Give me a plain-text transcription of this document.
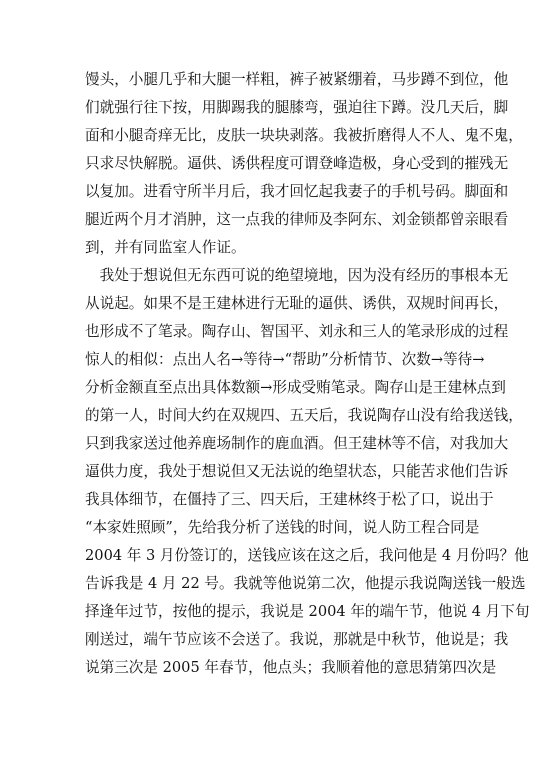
馒头，小腿几乎和大腿一样粗，裤子被紧绷着，马步蹲不到位，他
们就强行往下按，用脚踢我的腿膝弯，强迫往下蹲。没几天后，脚
面和小腿奇痒无比，皮肤一块块剥落。我被折磨得人不人、鬼不鬼，
只求尽快解脱。逼供、诱供程度可谓登峰造极，身心受到的摧残无
以复加。进看守所半月后，我才回忆起我妻子的手机号码。脚面和
腿近两个月才消肿，这一点我的律师及李阿东、刘金锁都曾亲眼看
到，并有同监室人作证。
　我处于想说但无东西可说的绝望境地，因为没有经历的事根本无
从说起。如果不是王建林进行无耻的逼供、诱供，双规时间再长，
也形成不了笔录。陶存山、智国平、刘永和三人的笔录形成的过程
惊人的相似：点出人名→等待→“帮助”分析情节、次数→等待→
分析金额直至点出具体数额→形成受贿笔录。陶存山是王建林点到
的第一人，时间大约在双规四、五天后，我说陶存山没有给我送钱，
只到我家送过他养鹿场制作的鹿血酒。但王建林等不信，对我加大
逼供力度，我处于想说但又无法说的绝望状态，只能苦求他们告诉
我具体细节，在僵持了三、四天后，王建林终于松了口，说出于
“本家姓照顾”，先给我分析了送钱的时间，说人防工程合同是
2004 年 3 月份签订的，送钱应该在这之后，我问他是 4 月份吗？他
告诉我是 4 月 22 号。我就等他说第二次，他提示我说陶送钱一般选
择逢年过节，按他的提示，我说是 2004 年的端午节，他说 4 月下旬
刚送过，端午节应该不会送了。我说，那就是中秋节，他说是；我
说第三次是 2005 年春节，他点头；我顺着他的意思猜第四次是
